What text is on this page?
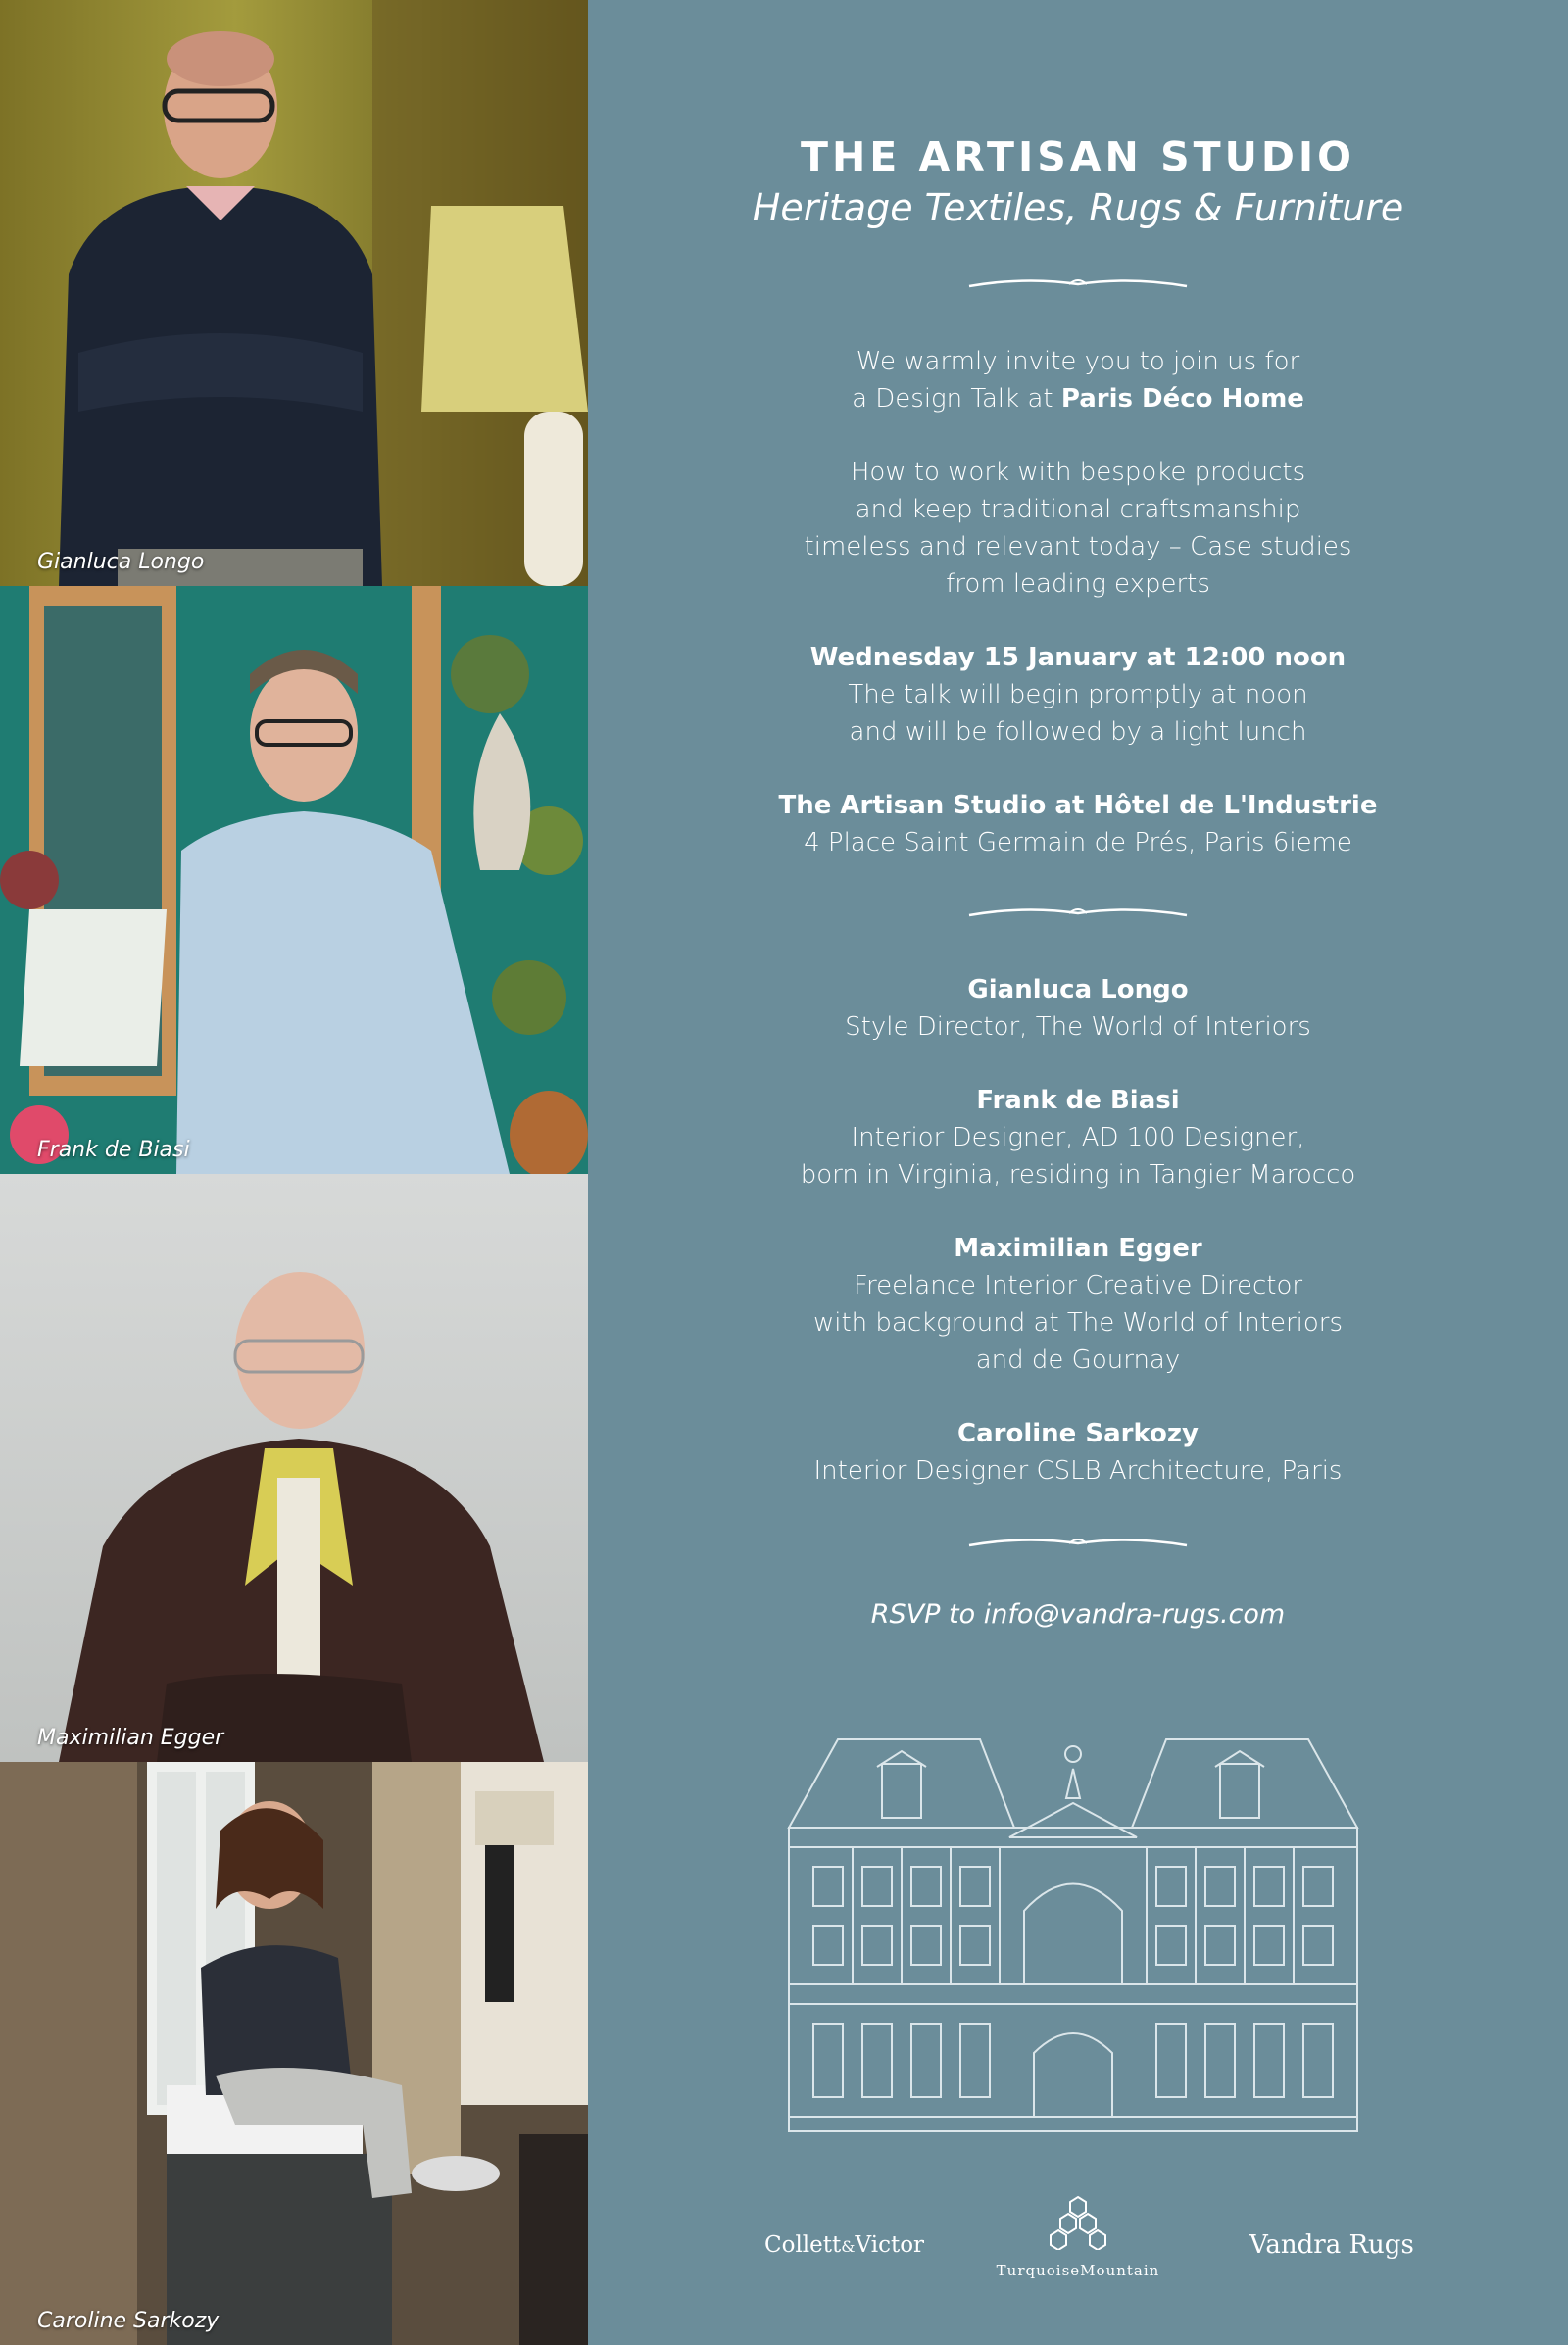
Gianluca Longo
Frank de Biasi
Maximilian Egger
Caroline Sarkozy
THE ARTISAN STUDIO
Heritage Textiles, Rugs & Furniture
We warmly invite you to join us for
a Design Talk at Paris Déco Home
How to work with bespoke products
and keep traditional craftsmanship
timeless and relevant today – Case studies
from leading experts
Wednesday 15 January at 12:00 noon
The talk will begin promptly at noon
and will be followed by a light lunch
The Artisan Studio at Hôtel de L'Industrie
4 Place Saint Germain de Prés, Paris 6ieme
Gianluca Longo
Style Director, The World of Interiors
Frank de Biasi
Interior Designer, AD 100 Designer,
born in Virginia, residing in Tangier Marocco
Maximilian Egger
Freelance Interior Creative Director
with background at The World of Interiors
and de Gournay
Caroline Sarkozy
Interior Designer CSLB Architecture, Paris
RSVP to info@vandra-rugs.com
Collett&Victor
TurquoiseMountain
Vandra Rugs
